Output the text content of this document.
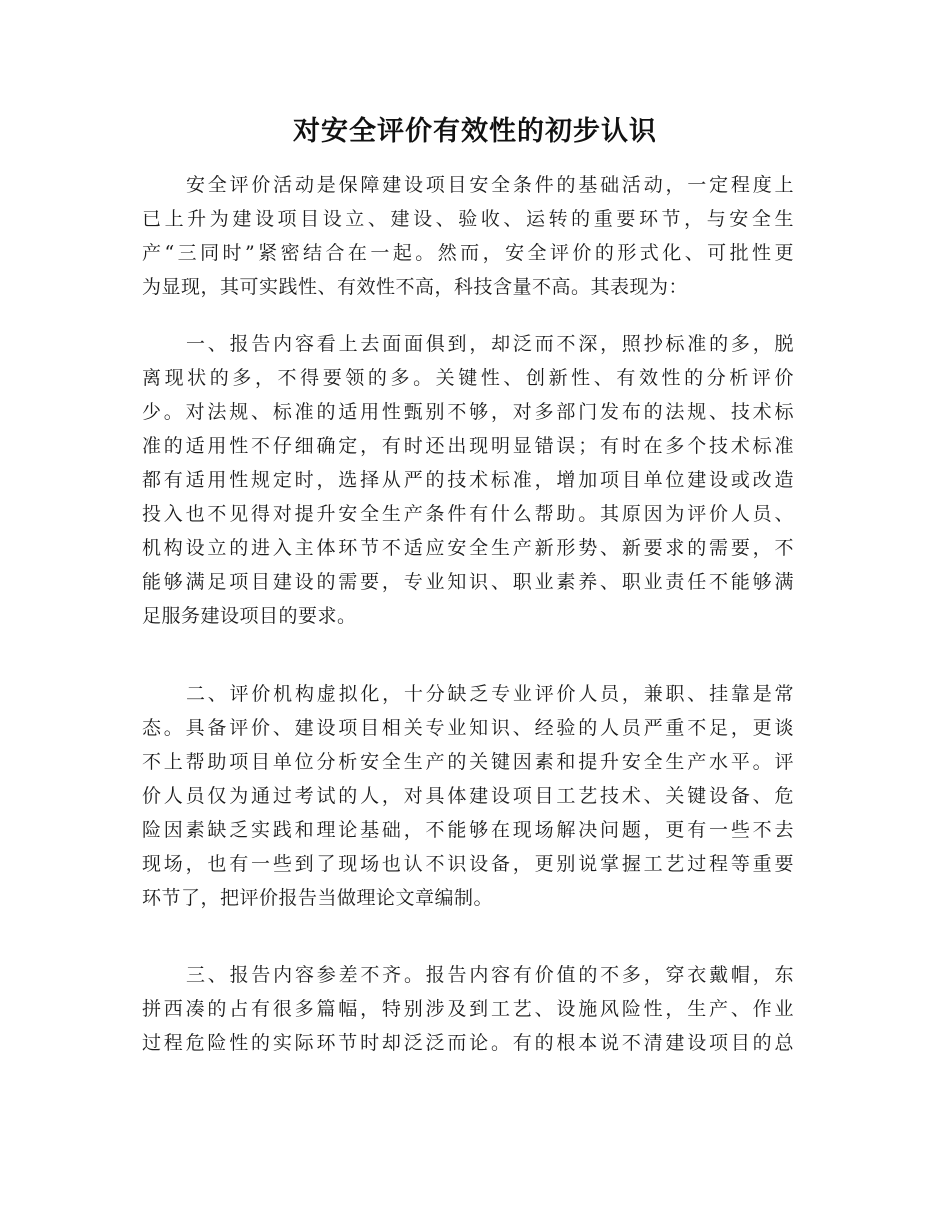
对安全评价有效性的初步认识
安全评价活动是保障建设项目安全条件的基础活动，一定程度上
已上升为建设项目设立、建设、验收、运转的重要环节，与安全生
产“三同时”紧密结合在一起。然而，安全评价的形式化、可批性更
为显现，其可实践性、有效性不高，科技含量不高。其表现为：
一、报告内容看上去面面俱到，却泛而不深，照抄标准的多，脱
离现状的多，不得要领的多。关键性、创新性、有效性的分析评价
少。对法规、标准的适用性甄别不够，对多部门发布的法规、技术标
准的适用性不仔细确定，有时还出现明显错误；有时在多个技术标准
都有适用性规定时，选择从严的技术标准，增加项目单位建设或改造
投入也不见得对提升安全生产条件有什么帮助。其原因为评价人员、
机构设立的进入主体环节不适应安全生产新形势、新要求的需要，不
能够满足项目建设的需要，专业知识、职业素养、职业责任不能够满
足服务建设项目的要求。
二、评价机构虚拟化，十分缺乏专业评价人员，兼职、挂靠是常
态。具备评价、建设项目相关专业知识、经验的人员严重不足，更谈
不上帮助项目单位分析安全生产的关键因素和提升安全生产水平。评
价人员仅为通过考试的人，对具体建设项目工艺技术、关键设备、危
险因素缺乏实践和理论基础，不能够在现场解决问题，更有一些不去
现场，也有一些到了现场也认不识设备，更别说掌握工艺过程等重要
环节了，把评价报告当做理论文章编制。
三、报告内容参差不齐。报告内容有价值的不多，穿衣戴帽，东
拼西凑的占有很多篇幅，特别涉及到工艺、设施风险性，生产、作业
过程危险性的实际环节时却泛泛而论。有的根本说不清建设项目的总
